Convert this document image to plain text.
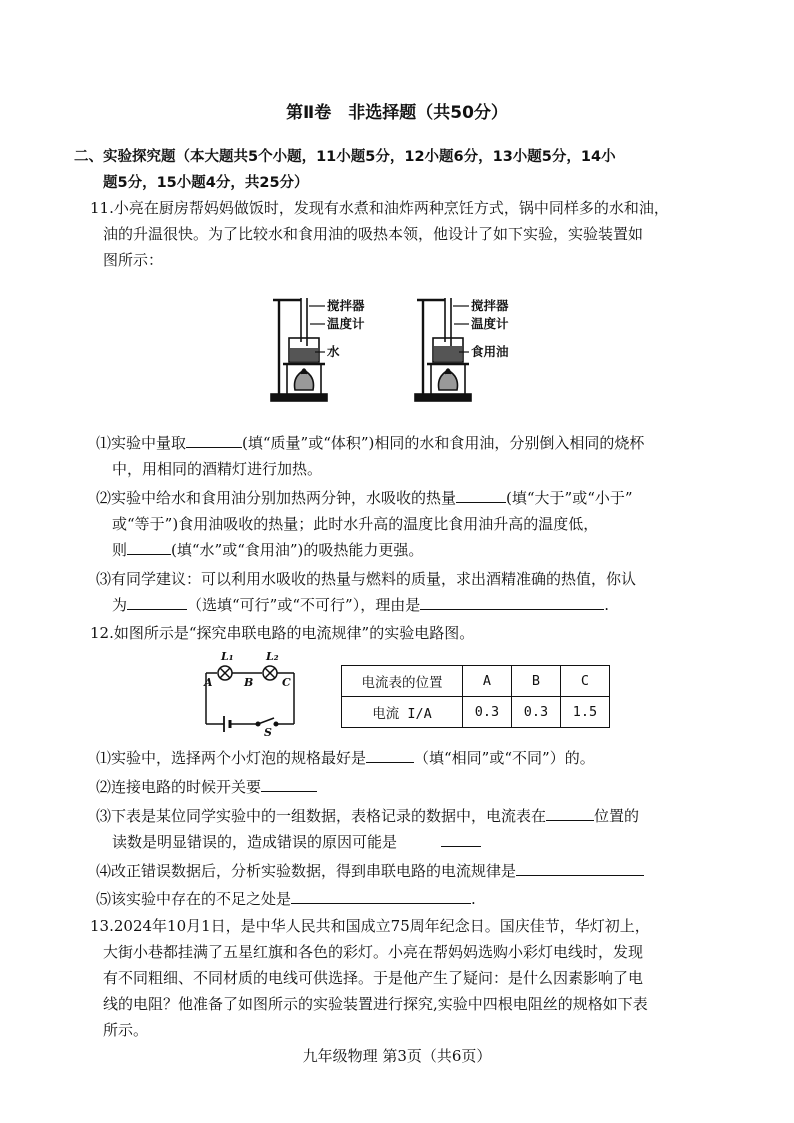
第Ⅱ卷　非选择题（共50分）
二、实验探究题（本大题共5个小题，11小题5分，12小题6分，13小题5分，14小
题5分，15小题4分，共25分）
11.小亮在厨房帮妈妈做饭时，发现有水煮和油炸两种烹饪方式，锅中同样多的水和油，
油的升温很快。为了比较水和食用油的吸热本领，他设计了如下实验，实验装置如
图所示：
搅拌器
温度计
水
搅拌器
温度计
食用油
⑴实验中量取	(填“质量”或“体积”)相同的水和食用油，分别倒入相同的烧杯
中，用相同的酒精灯进行加热。
⑵实验中给水和食用油分别加热两分钟，水吸收的热量	(填“大于”或“小于”
或“等于”)食用油吸收的热量；此时水升高的温度比食用油升高的温度低，
则	(填“水”或“食用油”)的吸热能力更强。
⑶有同学建议：可以利用水吸收的热量与燃料的质量，求出酒精准确的热值，你认
为	（选填“可行”或“不可行”），理由是	.
12.如图所示是“探究串联电路的电流规律”的实验电路图。
L₁	L₂
A	B	C
S
电流表的位置	A	B	C
电流 I/A	0.3	0.3	1.5
⑴实验中，选择两个小灯泡的规格最好是	（填“相同”或“不同”）的。
⑵连接电路的时候开关要
⑶下表是某位同学实验中的一组数据，表格记录的数据中，电流表在	位置的
读数是明显错误的，造成错误的原因可能是
⑷改正错误数据后，分析实验数据，得到串联电路的电流规律是
⑸该实验中存在的不足之处是	.
13.2024年10月1日，是中华人民共和国成立75周年纪念日。国庆佳节，华灯初上，
大街小巷都挂满了五星红旗和各色的彩灯。小亮在帮妈妈选购小彩灯电线时，发现
有不同粗细、不同材质的电线可供选择。于是他产生了疑问：是什么因素影响了电
线的电阻？他准备了如图所示的实验装置进行探究,实验中四根电阻丝的规格如下表
所示。
九年级物理 第3页（共6页）
